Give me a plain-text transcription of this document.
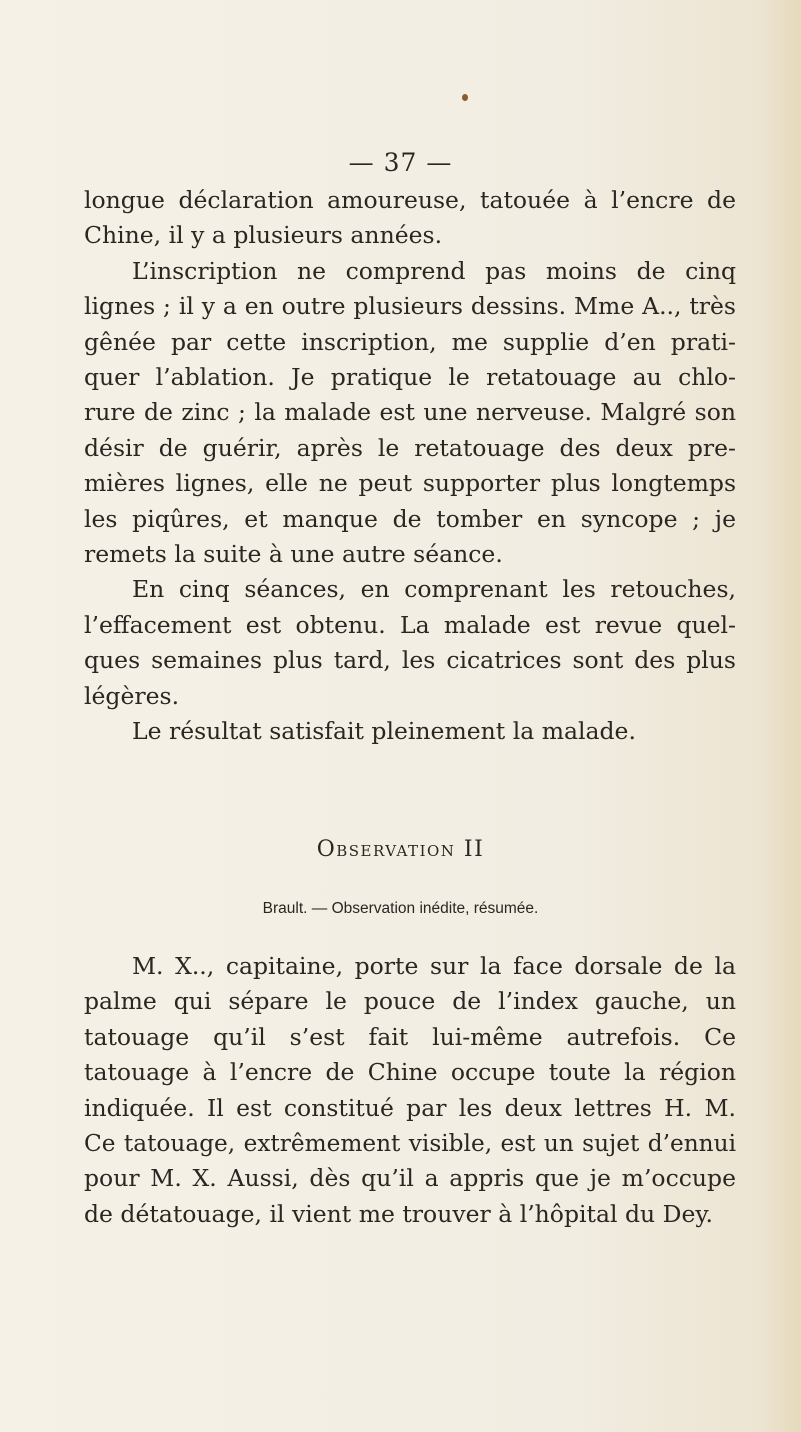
— 37 —

longue déclaration amoureuse, tatouée à l’encre de
Chine, il y a plusieurs années.

L’inscription ne comprend pas moins de cinq
lignes ; il y a en outre plusieurs dessins. Mme A.., très
gênée par cette inscription, me supplie d’en prati-
quer l’ablation. Je pratique le retatouage au chlo-
rure de zinc ; la malade est une nerveuse. Malgré son
désir de guérir, après le retatouage des deux pre-
mières lignes, elle ne peut supporter plus longtemps
les piqûres, et manque de tomber en syncope ; je
remets la suite à une autre séance.

En cinq séances, en comprenant les retouches,
l’effacement est obtenu. La malade est revue quel-
ques semaines plus tard, les cicatrices sont des plus
légères.

Le résultat satisfait pleinement la malade.

Observation II
Brault. — Observation inédite, résumée.

M. X.., capitaine, porte sur la face dorsale de la
palme qui sépare le pouce de l’index gauche, un
tatouage qu’il s’est fait lui-même autrefois. Ce
tatouage à l’encre de Chine occupe toute la région
indiquée. Il est constitué par les deux lettres H. M.
Ce tatouage, extrêmement visible, est un sujet d’ennui
pour M. X. Aussi, dès qu’il a appris que je m’occupe
de détatouage, il vient me trouver à l’hôpital du Dey.
